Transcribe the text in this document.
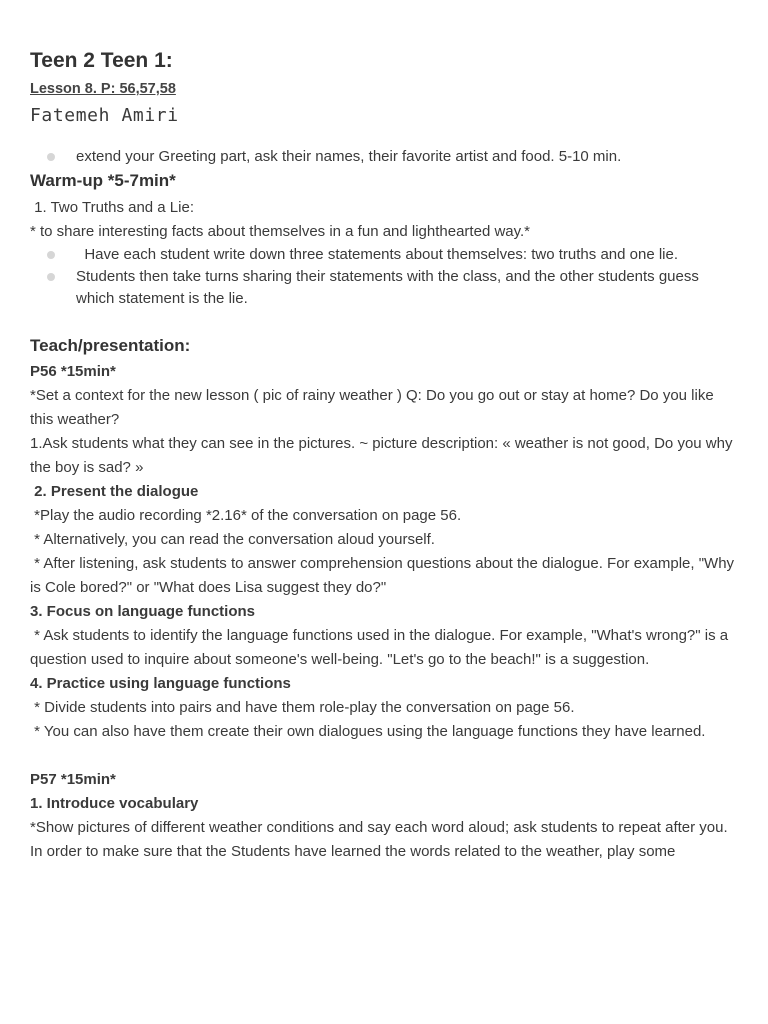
Teen 2 Teen 1:
Lesson 8. P: 56,57,58
Fatemeh Amiri
extend your Greeting part, ask their names, their favorite artist and food. 5-10 min.
Warm-up *5-7min*
1. Two Truths and a Lie:
* to share interesting facts about themselves in a fun and lighthearted way.*
Have each student write down three statements about themselves: two truths and one lie.
Students then take turns sharing their statements with the class, and the other students guess which statement is the lie.
Teach/presentation:
P56 *15min*
*Set a context for the new lesson ( pic of rainy weather ) Q: Do you go out or stay at home? Do you like this weather?
1.Ask students what they can see in the pictures. ~ picture description: « weather is not good, Do you why the boy is sad? »
2. Present the dialogue
*Play the audio recording *2.16* of the conversation on page 56.
* Alternatively, you can read the conversation aloud yourself.
* After listening, ask students to answer comprehension questions about the dialogue. For example, "Why is Cole bored?" or "What does Lisa suggest they do?"
3. Focus on language functions
* Ask students to identify the language functions used in the dialogue. For example, "What's wrong?" is a question used to inquire about someone's well-being. "Let's go to the beach!" is a suggestion.
4. Practice using language functions
* Divide students into pairs and have them role-play the conversation on page 56.
* You can also have them create their own dialogues using the language functions they have learned.
P57 *15min*
1. Introduce vocabulary
*Show pictures of different weather conditions and say each word aloud; ask students to repeat after you.
In order to make sure that the Students have learned the words related to the weather, play some
